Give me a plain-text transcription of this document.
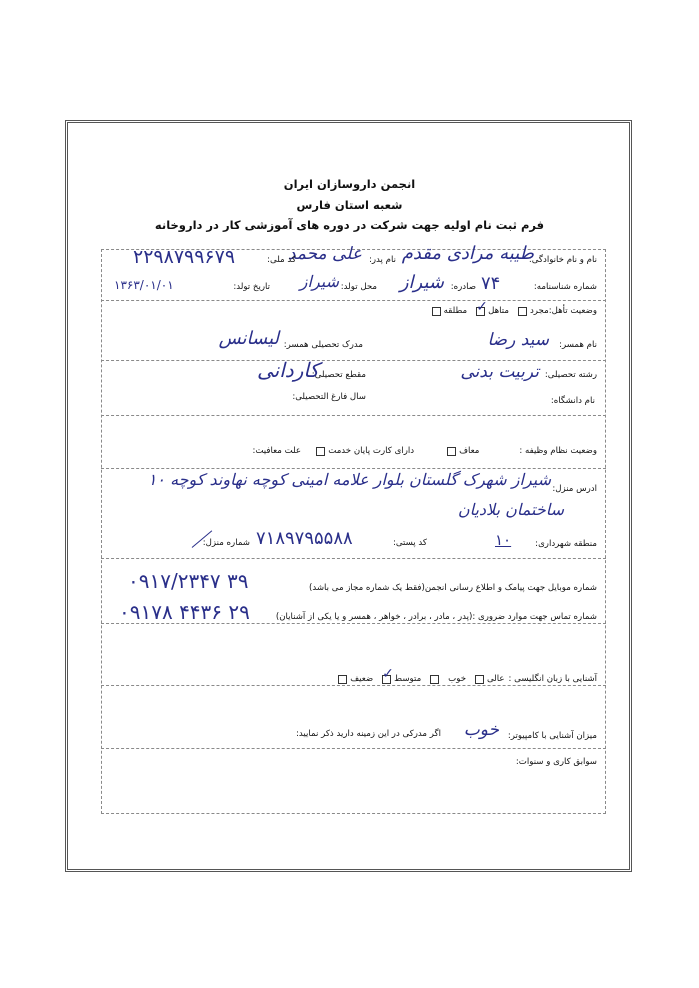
انجمن داروسازان ایران
شعبه استان فارس
فرم ثبت نام اولیه جهت شرکت در دوره های آموزشی کار در داروخانه
نام و نام خانوادگی:
طیبه مرادی مقدم
نام پدر:
علی محمد
کد ملی:
۲۲۹۸۷۹۹۶۷۹
شماره شناسنامه:
۷۴
صادره:
شیراز
محل تولد:
شیراز
تاریخ تولد:
۱۳۶۳/۰۱/۰۱
وضعیت تأهل:
مجرد
متاهل
✓
مطلقه
نام همسر:
سید رضا
مدرک تحصیلی همسر:
لیسانس
رشته تحصیلی:
تربیت بدنی
مقطع تحصیلی:
کاردانی
نام دانشگاه:
سال فارغ التحصیلی:
وضعیت نظام وظیفه :
معاف
دارای کارت پایان خدمت
علت معافیت:
ادرس منزل:
شیراز شهرک گلستان بلوار علامه امینی کوچه نهاوند کوچه ۱۰
ساختمان بلادیان
منطقه شهرداری:
۱۰
کد پستی:
۷۱۸۹۷۹۵۵۸۸
شماره منزل:
شماره موبایل جهت پیامک و اطلاع رسانی انجمن(فقط یک شماره مجاز می باشد)
۰۹۱۷/۲۳۴۷ ۳۹
شماره تماس جهت موارد ضروری :(پدر ، مادر ، برادر ، خواهر ، همسر و یا یکی از آشنایان)
۰۹۱۷۸ ۴۴۳۶ ۲۹
آشنایی با زبان انگلیسی :
عالی
خوب
متوسط
✓
ضعیف
میزان آشنایی با کامپیوتر:
خوب
اگر مدرکی در این زمینه دارید ذکر نمایید:
سوابق کاری و سنوات:
